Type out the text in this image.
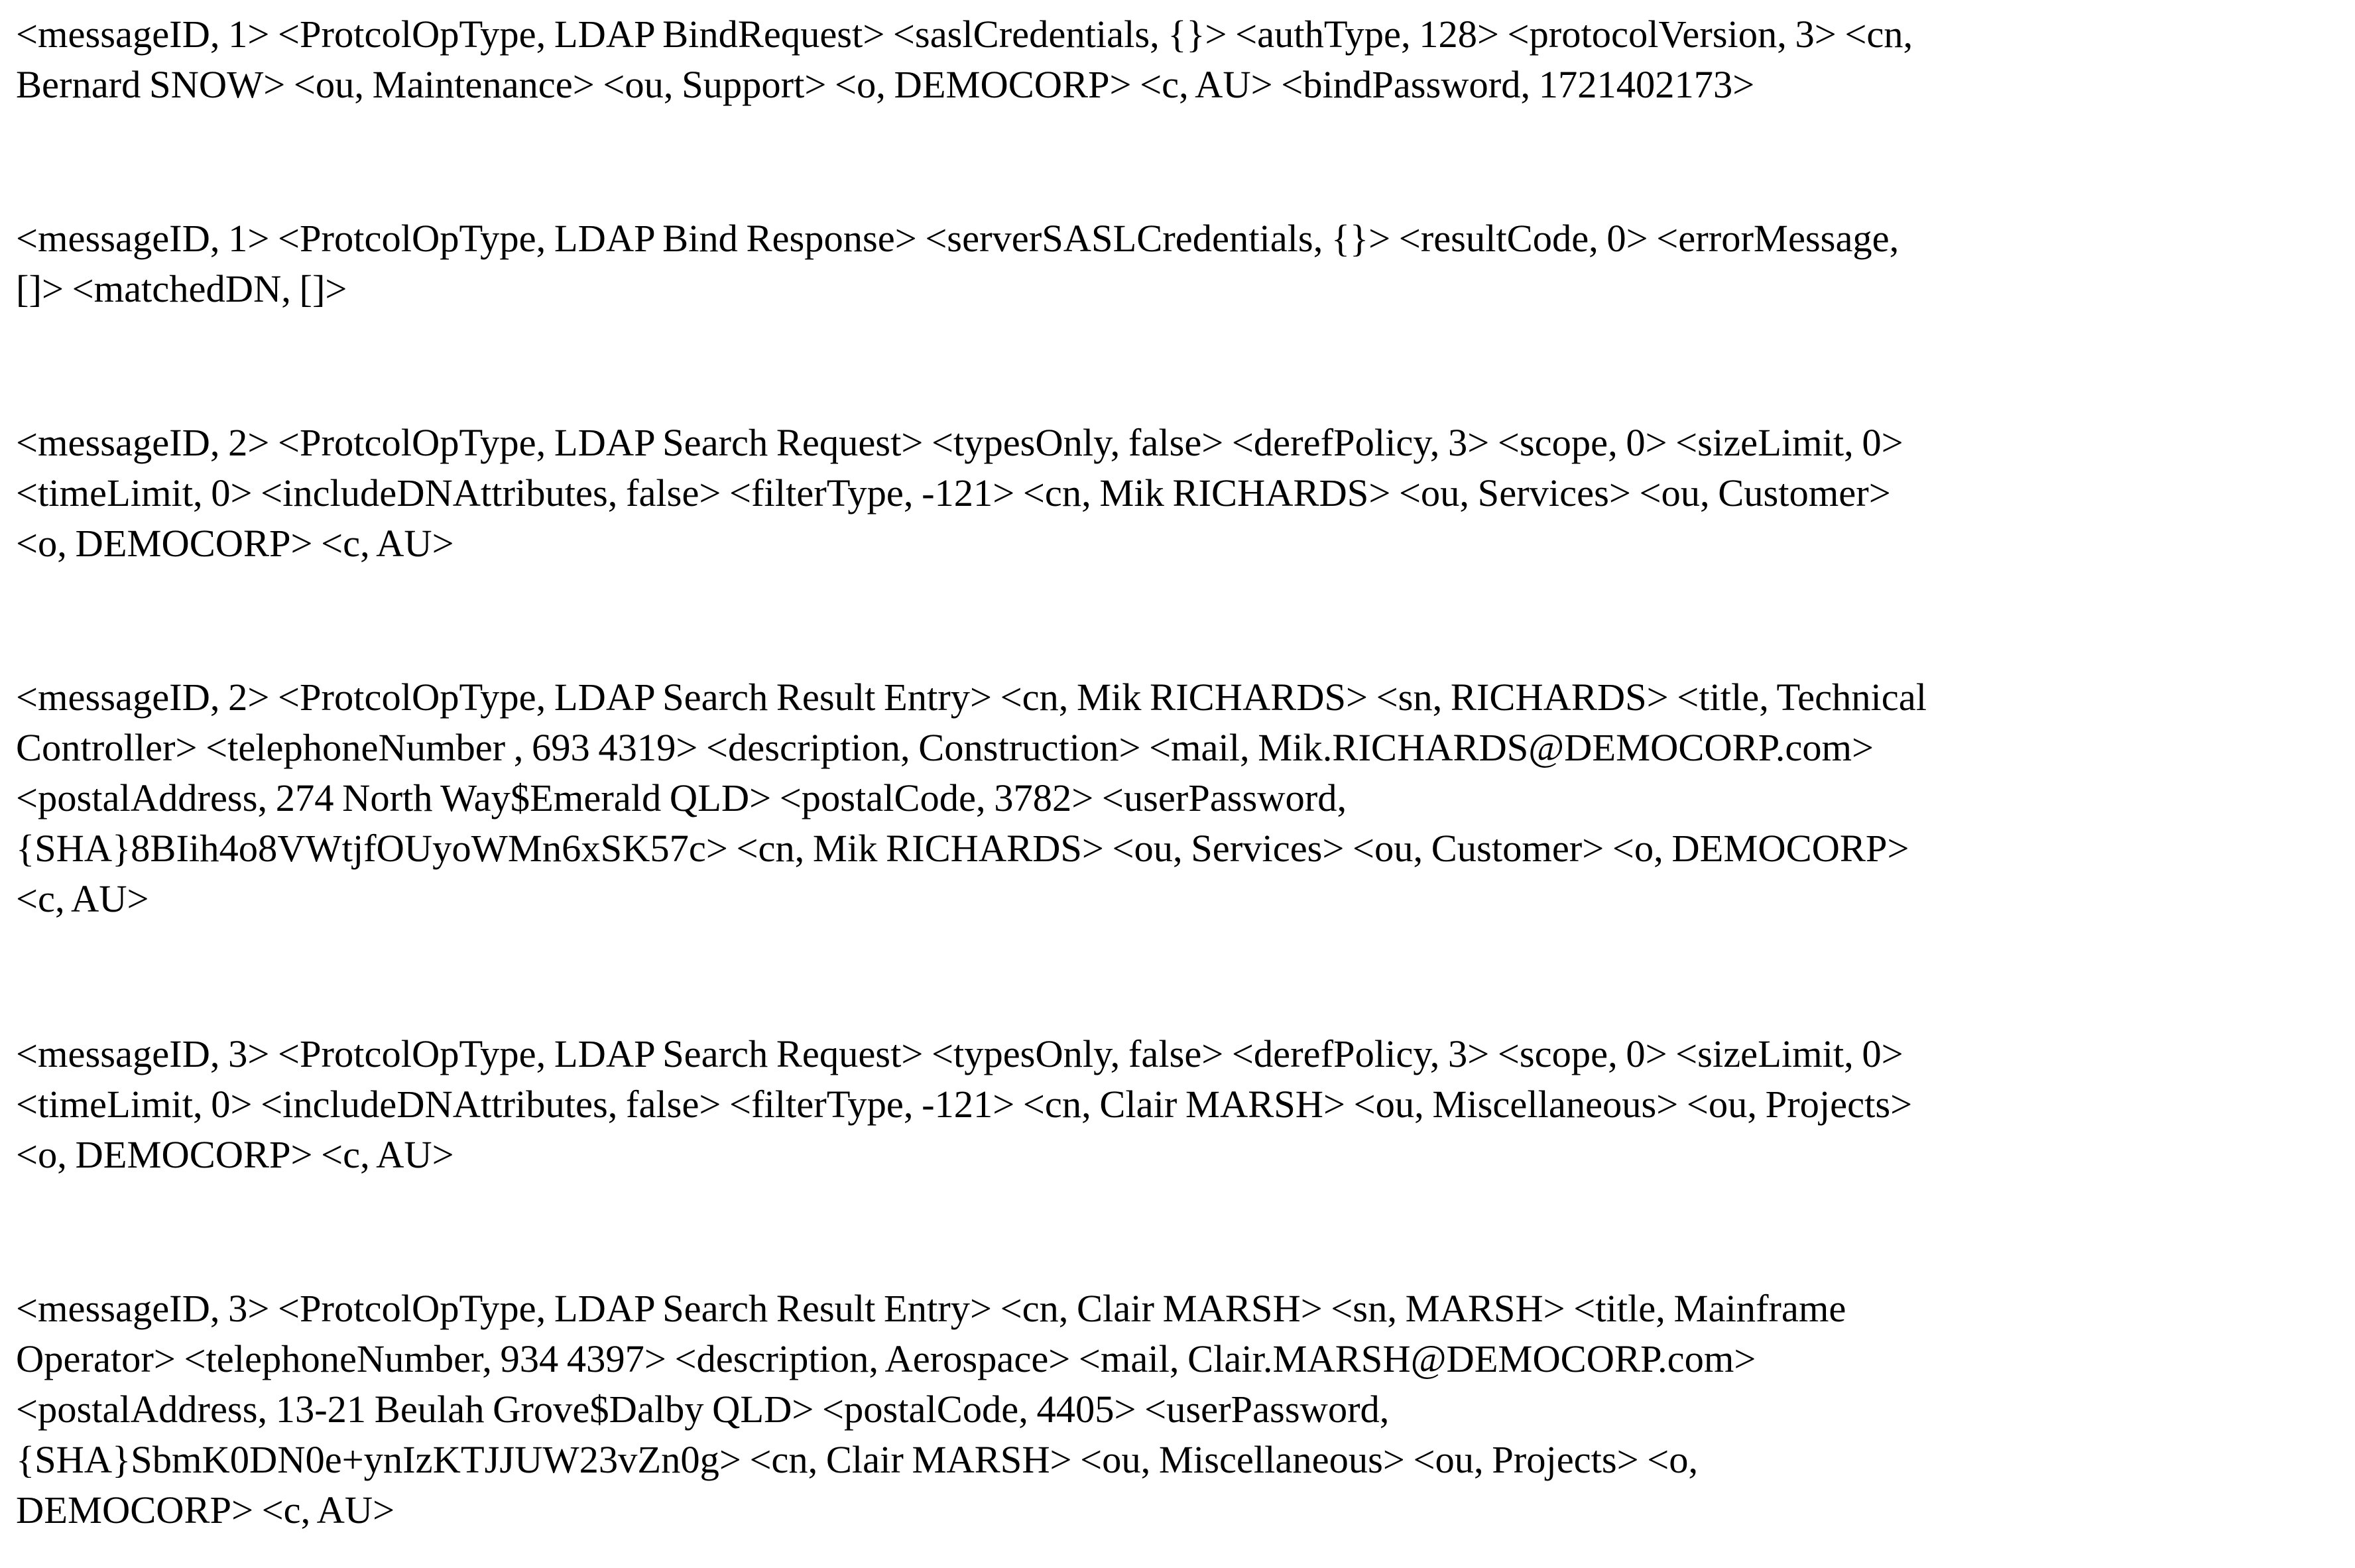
<messageID, 1> <ProtcolOpType, LDAP BindRequest> <saslCredentials, {}> <authType, 128> <protocolVersion, 3> <cn,
Bernard SNOW> <ou, Maintenance> <ou, Support> <o, DEMOCORP> <c, AU> <bindPassword, 1721402173>

<messageID, 1> <ProtcolOpType, LDAP Bind Response> <serverSASLCredentials, {}> <resultCode, 0> <errorMessage,
[]> <matchedDN, []>

<messageID, 2> <ProtcolOpType, LDAP Search Request> <typesOnly, false> <derefPolicy, 3> <scope, 0> <sizeLimit, 0>
<timeLimit, 0> <includeDNAttributes, false> <filterType, -121> <cn, Mik RICHARDS> <ou, Services> <ou, Customer>
<o, DEMOCORP> <c, AU>

<messageID, 2> <ProtcolOpType, LDAP Search Result Entry> <cn, Mik RICHARDS> <sn, RICHARDS> <title, Technical
Controller> <telephoneNumber , 693 4319> <description, Construction> <mail, Mik.RICHARDS@DEMOCORP.com>
<postalAddress, 274 North Way$Emerald QLD> <postalCode, 3782> <userPassword,
{SHA}8BIih4o8VWtjfOUyoWMn6xSK57c> <cn, Mik RICHARDS> <ou, Services> <ou, Customer> <o, DEMOCORP>
<c, AU>

<messageID, 3> <ProtcolOpType, LDAP Search Request> <typesOnly, false> <derefPolicy, 3> <scope, 0> <sizeLimit, 0>
<timeLimit, 0> <includeDNAttributes, false> <filterType, -121> <cn, Clair MARSH> <ou, Miscellaneous> <ou, Projects>
<o, DEMOCORP> <c, AU>

<messageID, 3> <ProtcolOpType, LDAP Search Result Entry> <cn, Clair MARSH> <sn, MARSH> <title, Mainframe
Operator> <telephoneNumber, 934 4397> <description, Aerospace> <mail, Clair.MARSH@DEMOCORP.com>
<postalAddress, 13-21 Beulah Grove$Dalby QLD> <postalCode, 4405> <userPassword,
{SHA}SbmK0DN0e+ynIzKTJJUW23vZn0g> <cn, Clair MARSH> <ou, Miscellaneous> <ou, Projects> <o,
DEMOCORP> <c, AU>
